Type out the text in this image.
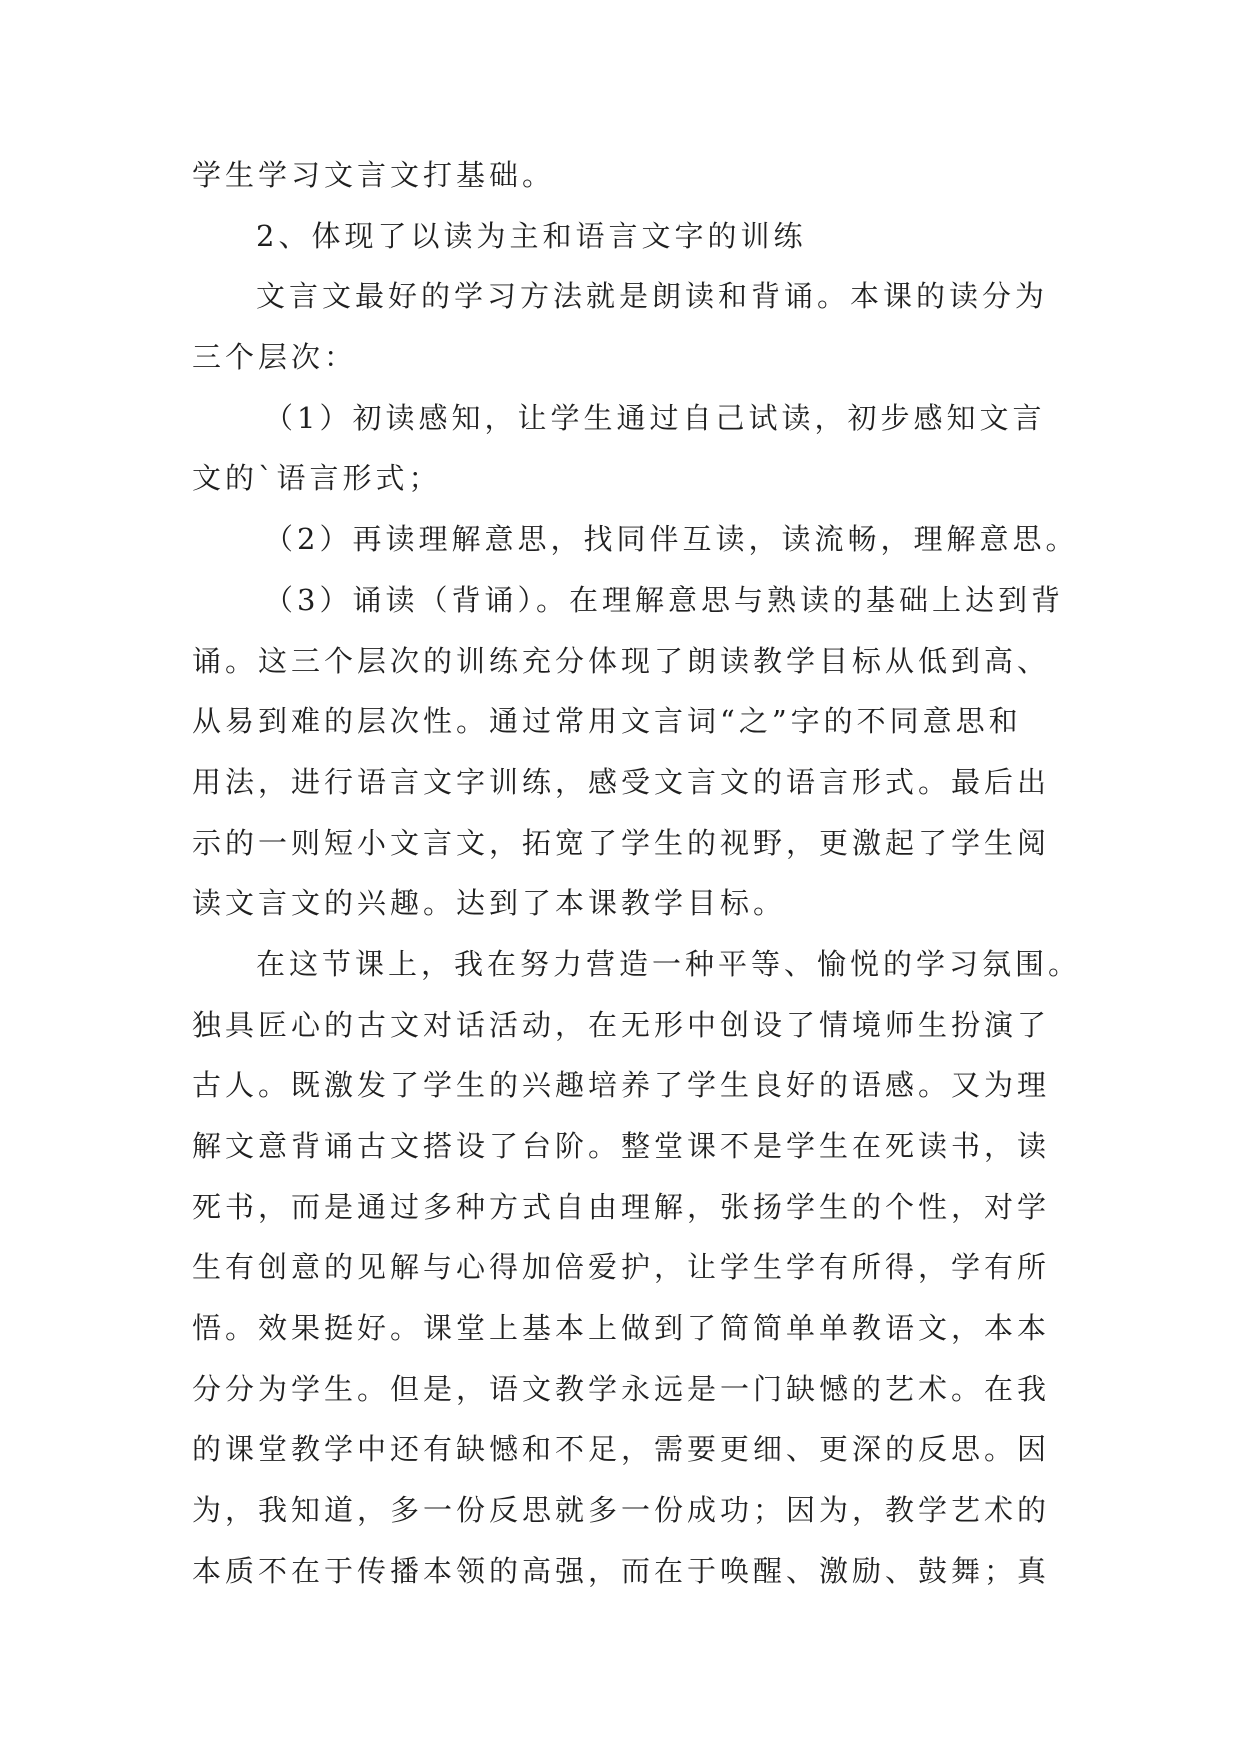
学生学习文言文打基础。
2、体现了以读为主和语言文字的训练
文言文最好的学习方法就是朗读和背诵。本课的读分为
三个层次：
（1）初读感知，让学生通过自己试读，初步感知文言
文的`语言形式；
（2）再读理解意思，找同伴互读，读流畅，理解意思。
（3）诵读（背诵）。在理解意思与熟读的基础上达到背
诵。这三个层次的训练充分体现了朗读教学目标从低到高、
从易到难的层次性。通过常用文言词“之”字的不同意思和
用法，进行语言文字训练，感受文言文的语言形式。最后出
示的一则短小文言文，拓宽了学生的视野，更激起了学生阅
读文言文的兴趣。达到了本课教学目标。
在这节课上，我在努力营造一种平等、愉悦的学习氛围。
独具匠心的古文对话活动，在无形中创设了情境师生扮演了
古人。既激发了学生的兴趣培养了学生良好的语感。又为理
解文意背诵古文搭设了台阶。整堂课不是学生在死读书，读
死书，而是通过多种方式自由理解，张扬学生的个性，对学
生有创意的见解与心得加倍爱护，让学生学有所得，学有所
悟。效果挺好。课堂上基本上做到了简简单单教语文，本本
分分为学生。但是，语文教学永远是一门缺憾的艺术。在我
的课堂教学中还有缺憾和不足，需要更细、更深的反思。因
为，我知道，多一份反思就多一份成功；因为，教学艺术的
本质不在于传播本领的高强，而在于唤醒、激励、鼓舞；真
